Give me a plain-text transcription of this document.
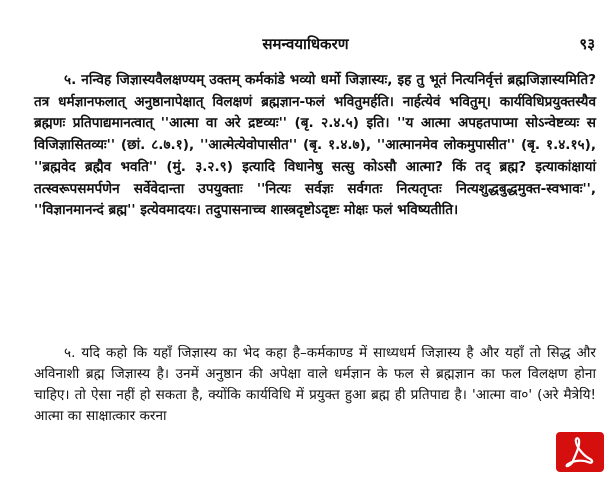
समन्वयाधिकरण	९३

५. नन्विह जिज्ञास्यवैलक्षण्यम् उक्तम् कर्मकांडे भव्यो धर्मो जिज्ञास्यः, इह तु भूतं नित्यनिर्वृत्तं ब्रह्मजिज्ञास्यमिति? तत्र धर्मज्ञानफलात् अनुष्ठानापेक्षात् विलक्षणं ब्रह्मज्ञान-फलं भवितुमर्हति। नार्हत्येवं भवितुम्। कार्यविधिप्रयुक्तस्यैव ब्रह्मणः प्रतिपाद्यमानत्वात् ''आत्मा वा अरे द्रष्टव्यः'' (बृ. २.४.५) इति। ''य आत्मा अपहतपाप्मा सोऽन्वेष्टव्यः स विजिज्ञासितव्यः'' (छां. ८.७.१), ''आत्मेत्येवोपासीत'' (बृ. १.४.७), ''आत्मानमेव लोकमुपासीत'' (बृ. १.४.१५), ''ब्रह्मवेद ब्रह्मैव भवति'' (मुं. ३.२.९) इत्यादि विधानेषु सत्सु कोऽसौ आत्मा? किं तद् ब्रह्म? इत्याकांक्षायां तत्स्वरूपसमर्पणेन सर्वेवेदान्ता उपयुक्ताः ''नित्यः सर्वज्ञः सर्वगतः नित्यतृप्तः नित्यशुद्धबुद्धमुक्त-स्वभावः'', ''विज्ञानमानन्दं ब्रह्म'' इत्येवमादयः। तदुपासनाच्च शास्त्रदृष्टोऽदृष्टः मोक्षः फलं भविष्यतीति।

५. यदि कहो कि यहाँ जिज्ञास्य का भेद कहा है–कर्मकाण्ड में साध्यधर्म जिज्ञास्य है और यहाँ तो सिद्ध और अविनाशी ब्रह्म जिज्ञास्य है। उनमें अनुष्ठान की अपेक्षा वाले धर्मज्ञान के फल से ब्रह्मज्ञान का फल विलक्षण होना चाहिए। तो ऐसा नहीं हो सकता है, क्योंकि कार्यविधि में प्रयुक्त हुआ ब्रह्म ही प्रतिपाद्य है। 'आत्मा वा०' (अरे मैत्रेयि! आत्मा का साक्षात्कार करना
